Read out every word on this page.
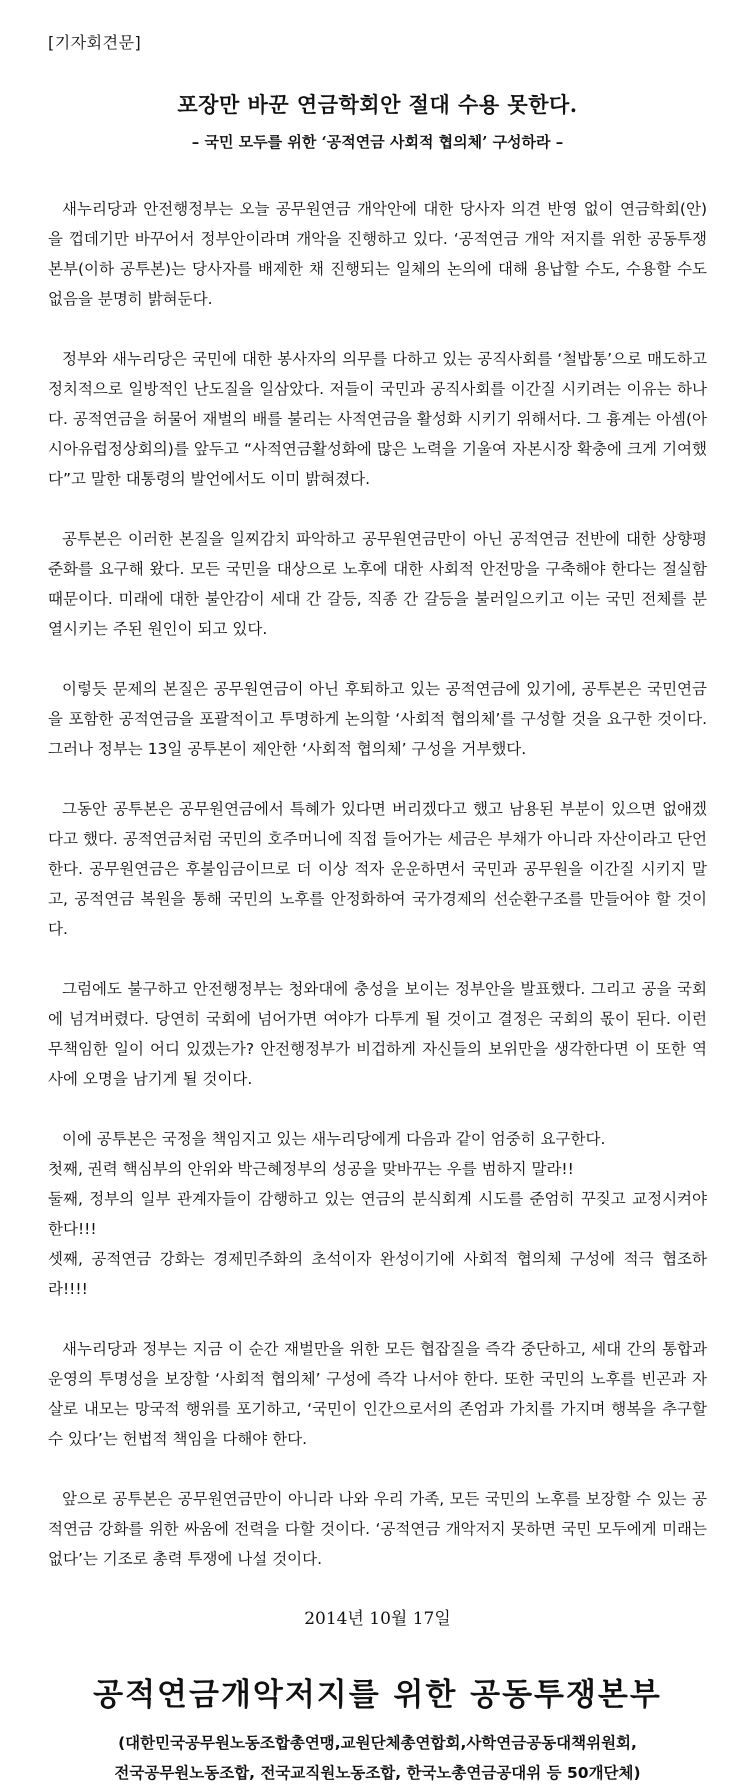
[기자회견문]
포장만 바꾼 연금학회안 절대 수용 못한다.
– 국민 모두를 위한 ‘공적연금 사회적 협의체’ 구성하라 –

새누리당과 안전행정부는 오늘 공무원연금 개악안에 대한 당사자 의견 반영 없이 연금학회(안)을 껍데기만 바꾸어서 정부안이라며 개악을 진행하고 있다. ‘공적연금 개악 저지를 위한 공동투쟁본부(이하 공투본)는 당사자를 배제한 채 진행되는 일체의 논의에 대해 용납할 수도, 수용할 수도 없음을 분명히 밝혀둔다.

정부와 새누리당은 국민에 대한 봉사자의 의무를 다하고 있는 공직사회를 ‘철밥통’으로 매도하고 정치적으로 일방적인 난도질을 일삼았다. 저들이 국민과 공직사회를 이간질 시키려는 이유는 하나다. 공적연금을 허물어 재벌의 배를 불리는 사적연금을 활성화 시키기 위해서다. 그 흉계는 아셈(아시아유럽정상회의)를 앞두고 “사적연금활성화에 많은 노력을 기울여 자본시장 확충에 크게 기여했다”고 말한 대통령의 발언에서도 이미 밝혀졌다.

공투본은 이러한 본질을 일찌감치 파악하고 공무원연금만이 아닌 공적연금 전반에 대한 상향평준화를 요구해 왔다. 모든 국민을 대상으로 노후에 대한 사회적 안전망을 구축해야 한다는 절실함 때문이다. 미래에 대한 불안감이 세대 간 갈등, 직종 간 갈등을 불러일으키고 이는 국민 전체를 분열시키는 주된 원인이 되고 있다.

이렇듯 문제의 본질은 공무원연금이 아닌 후퇴하고 있는 공적연금에 있기에, 공투본은 국민연금을 포함한 공적연금을 포괄적이고 투명하게 논의할 ‘사회적 협의체’를 구성할 것을 요구한 것이다. 그러나 정부는 13일 공투본이 제안한 ‘사회적 협의체’ 구성을 거부했다.

그동안 공투본은 공무원연금에서 특혜가 있다면 버리겠다고 했고 남용된 부분이 있으면 없애겠다고 했다. 공적연금처럼 국민의 호주머니에 직접 들어가는 세금은 부채가 아니라 자산이라고 단언한다. 공무원연금은 후불임금이므로 더 이상 적자 운운하면서 국민과 공무원을 이간질 시키지 말고, 공적연금 복원을 통해 국민의 노후를 안정화하여 국가경제의 선순환구조를 만들어야 할 것이다.

그럼에도 불구하고 안전행정부는 청와대에 충성을 보이는 정부안을 발표했다. 그리고 공을 국회에 넘겨버렸다. 당연히 국회에 넘어가면 여야가 다투게 될 것이고 결정은 국회의 몫이 된다. 이런 무책임한 일이 어디 있겠는가? 안전행정부가 비겁하게 자신들의 보위만을 생각한다면 이 또한 역사에 오명을 남기게 될 것이다.

이에 공투본은 국정을 책임지고 있는 새누리당에게 다음과 같이 엄중히 요구한다.
첫째, 권력 핵심부의 안위와 박근혜정부의 성공을 맞바꾸는 우를 범하지 말라!!
둘째, 정부의 일부 관계자들이 감행하고 있는 연금의 분식회계 시도를 준엄히 꾸짖고 교정시켜야 한다!!!
셋째, 공적연금 강화는 경제민주화의 초석이자 완성이기에 사회적 협의체 구성에 적극 협조하라!!!!

새누리당과 정부는 지금 이 순간 재벌만을 위한 모든 협잡질을 즉각 중단하고, 세대 간의 통합과 운영의 투명성을 보장할 ‘사회적 협의체’ 구성에 즉각 나서야 한다. 또한 국민의 노후를 빈곤과 자살로 내모는 망국적 행위를 포기하고, ‘국민이 인간으로서의 존엄과 가치를 가지며 행복을 추구할 수 있다’는 헌법적 책임을 다해야 한다.

앞으로 공투본은 공무원연금만이 아니라 나와 우리 가족, 모든 국민의 노후를 보장할 수 있는 공적연금 강화를 위한 싸움에 전력을 다할 것이다. ‘공적연금 개악저지 못하면 국민 모두에게 미래는 없다’는 기조로 총력 투쟁에 나설 것이다.

2014년 10월 17일
공적연금개악저지를 위한 공동투쟁본부
(대한민국공무원노동조합총연맹,교원단체총연합회,사학연금공동대책위원회,
전국공무원노동조합, 전국교직원노동조합, 한국노총연금공대위 등 50개단체)
